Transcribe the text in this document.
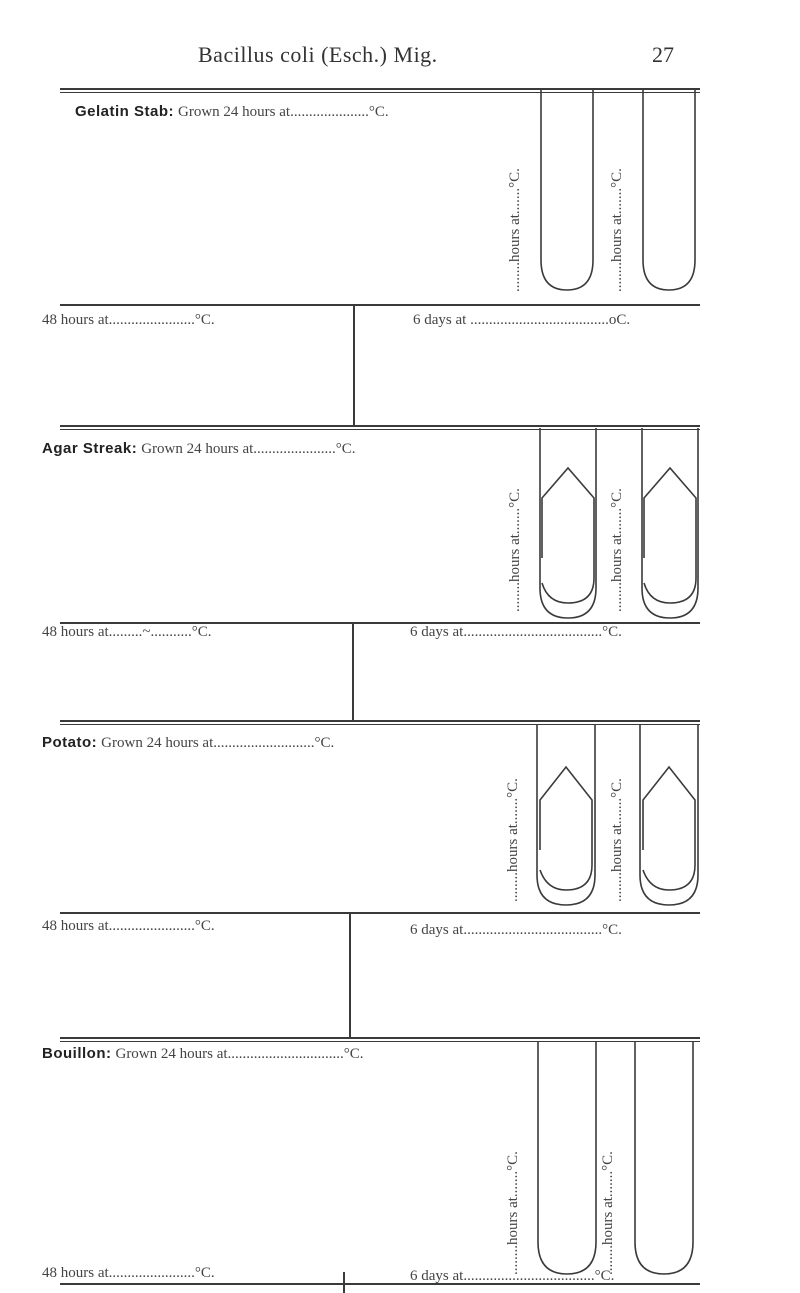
Bacillus coli (Esch.) Mig.	27
Gelatin Stab: Grown 24 hours at.....................°C.
........hours at.......°C.	........hours at.......°C.
48 hours at.......................°C.	6 days at .....................................oC.
Agar Streak: Grown 24 hours at......................°C.
........hours at.......°C.	........hours at.......°C.
48 hours at.........~...........°C.	6 days at.....................................°C.
Potato: Grown 24 hours at...........................°C.
........hours at.......°C.	........hours at.......°C.
48 hours at.......................°C.	6 days at.....................................°C.
Bouillon: Grown 24 hours at...............................°C.
........hours at.......°C.	........hours at.......°C.
48 hours at.......................°C.	6 days at...................................°C.
